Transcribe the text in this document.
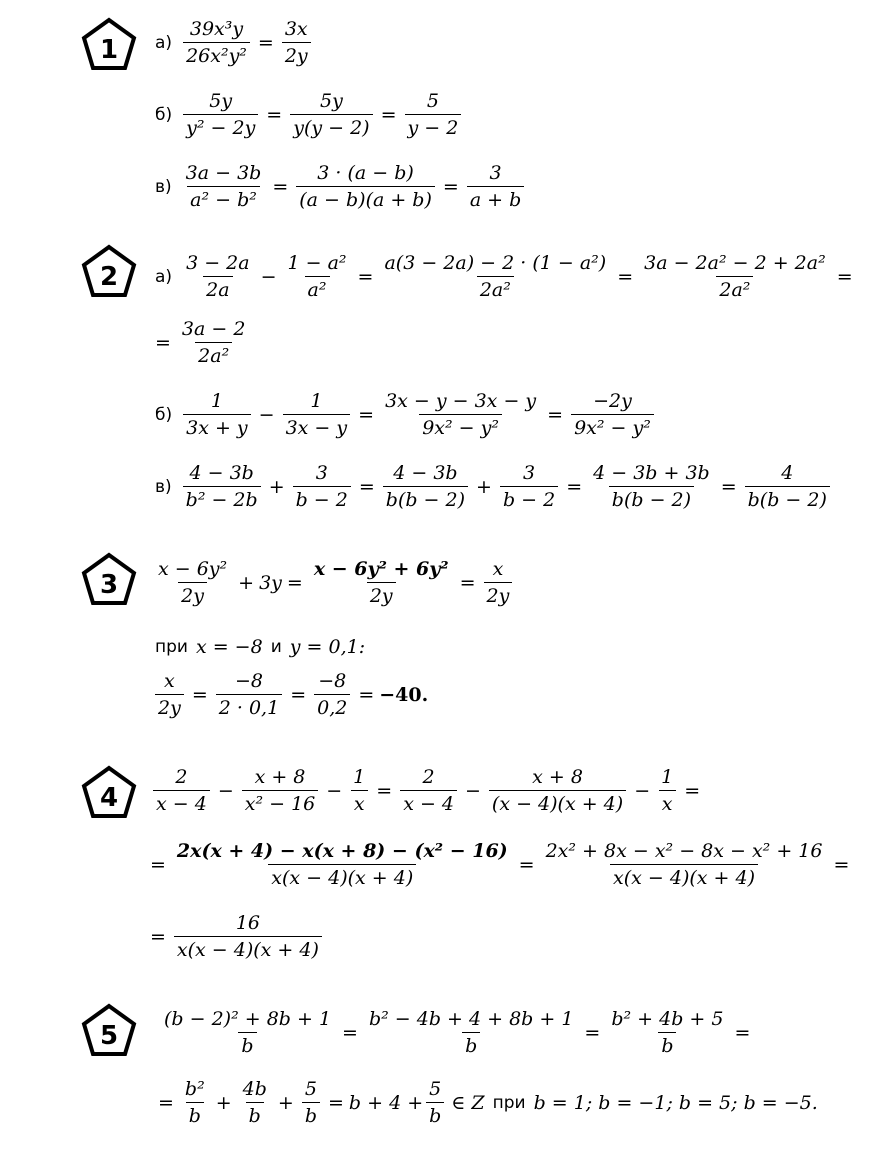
1
2
3
4
5
$а) \frac{\text{39x³y}}{\text{26x²y²}} = \frac{3x}{2y}$
$б) \frac{5y}{\text{y² − 2y}} = \frac{5y}{y(y - 2)} = \frac{5}{y - 2}$
$в) \frac{3a - 3b}{\text{a² − b²}} = \frac{3 \cdot (a - b)}{(a - b)(a + b)} = \frac{3}{a + b}$
$а) \frac{3 - 2a}{2a} - \frac{\text{1 − a²}}{\text{a²}} = \frac{\text{a(3 − 2a) − 2 · (1 − a²)}}{\text{2a²}} = \frac{\text{3a − 2a² − 2 + 2a²}}{\text{2a²}}$ =
= $\frac{3a - 2}{\text{2a²}}$
$б) \frac{1}{3x + y} - \frac{1}{3x - y} = \frac{3x - y - 3x - y}{\text{9x² − y²}} = \frac{-2y}{\text{9x² − y²}}$
$в) \frac{4 - 3b}{\text{b² − 2b}} + \frac{3}{b - 2} = \frac{4 - 3b}{b(b - 2)} + \frac{3}{b - 2} = \frac{4 - 3b + 3b}{b(b - 2)} = \frac{4}{b(b - 2)}$
$\frac{\text{x − 6y²}}{2y} + 3y = \frac{\text{x − 6y² + 6y²}}{2y} = \frac{x}{2y}$
при x = −8 и y = 0,1:
$\frac{x}{2y} = \frac{-8}{2 \cdot 0,1} = \frac{-8}{0,2} = -40$.
$\frac{2}{x - 4} - \frac{x + 8}{\text{x² − 16}} - \frac{1}{x} = \frac{2}{x - 4} - \frac{x + 8}{(x - 4)(x + 4)} - \frac{1}{x}$ =
= $\frac{\text{2x(x + 4) − x(x + 8) − (x² − 16)}}{x(x - 4)(x + 4)} = \frac{\text{2x² + 8x − x² − 8x − x² + 16}}{x(x - 4)(x + 4)}$ =
= $\frac{16}{x(x - 4)(x + 4)}$
$\frac{\text{(b − 2)² + 8b + 1}}{b} = \frac{\text{b² − 4b + 4 + 8b + 1}}{b} = \frac{\text{b² + 4b + 5}}{b}$ =
= $\frac{\text{b²}}{b} + \frac{4b}{b} + \frac{5}{b} = b + 4 + \frac{5}{b}$ ∈ Z при b = 1; b = −1; b = 5; b = −5.
